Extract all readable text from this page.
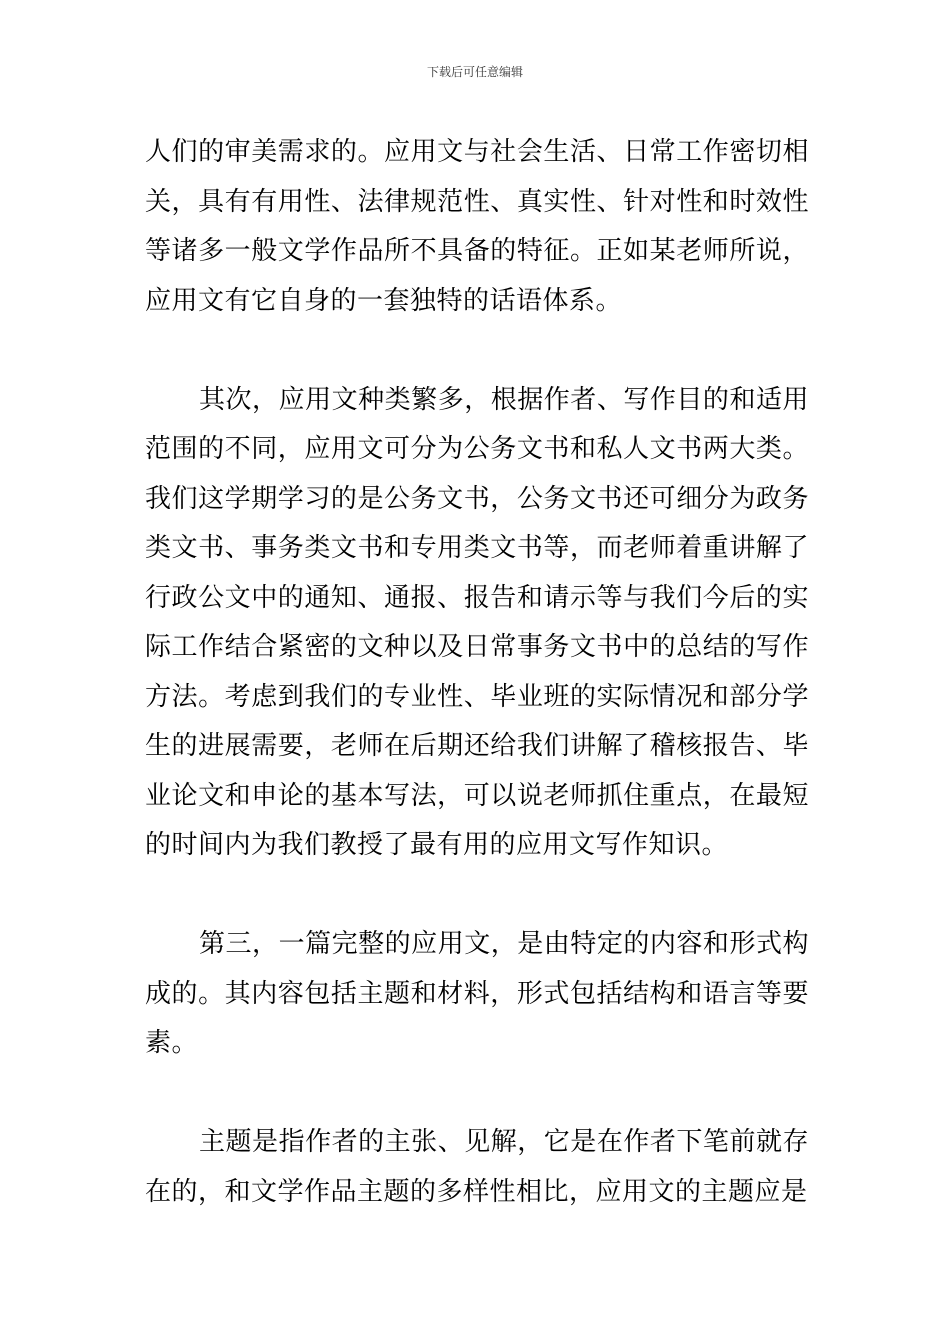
下载后可任意编辑

人们的审美需求的。应用文与社会生活、日常工作密切相关，具有有用性、法律规范性、真实性、针对性和时效性等诸多一般文学作品所不具备的特征。正如某老师所说，应用文有它自身的一套独特的话语体系。

其次，应用文种类繁多，根据作者、写作目的和适用范围的不同，应用文可分为公务文书和私人文书两大类。我们这学期学习的是公务文书，公务文书还可细分为政务类文书、事务类文书和专用类文书等，而老师着重讲解了行政公文中的通知、通报、报告和请示等与我们今后的实际工作结合紧密的文种以及日常事务文书中的总结的写作方法。考虑到我们的专业性、毕业班的实际情况和部分学生的进展需要，老师在后期还给我们讲解了稽核报告、毕业论文和申论的基本写法，可以说老师抓住重点，在最短的时间内为我们教授了最有用的应用文写作知识。

第三，一篇完整的应用文，是由特定的内容和形式构成的。其内容包括主题和材料，形式包括结构和语言等要素。

主题是指作者的主张、见解，它是在作者下笔前就存在的，和文学作品主题的多样性相比，应用文的主题应是
